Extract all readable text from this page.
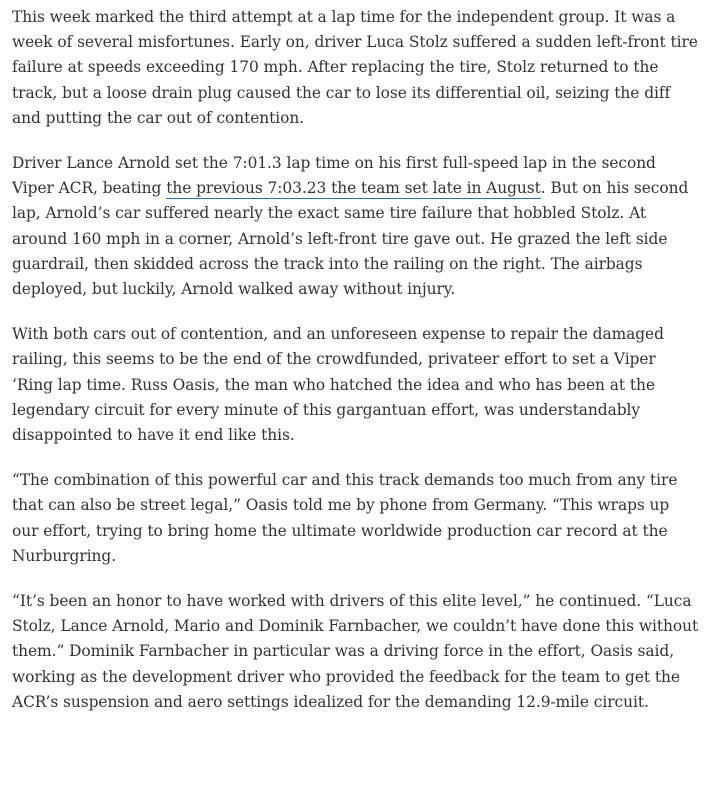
This week marked the third attempt at a lap time for the independent group. It was a week of several misfortunes. Early on, driver Luca Stolz suffered a sudden left-front tire failure at speeds exceeding 170 mph. After replacing the tire, Stolz returned to the track, but a loose drain plug caused the car to lose its differential oil, seizing the diff and putting the car out of contention.

Driver Lance Arnold set the 7:01.3 lap time on his first full-speed lap in the second Viper ACR, beating the previous 7:03.23 the team set late in August. But on his second lap, Arnold’s car suffered nearly the exact same tire failure that hobbled Stolz. At around 160 mph in a corner, Arnold’s left-front tire gave out. He grazed the left side guardrail, then skidded across the track into the railing on the right. The airbags deployed, but luckily, Arnold walked away without injury.

With both cars out of contention, and an unforeseen expense to repair the damaged railing, this seems to be the end of the crowdfunded, privateer effort to set a Viper ‘Ring lap time. Russ Oasis, the man who hatched the idea and who has been at the legendary circuit for every minute of this gargantuan effort, was understandably disappointed to have it end like this.

“The combination of this powerful car and this track demands too much from any tire that can also be street legal,” Oasis told me by phone from Germany. “This wraps up our effort, trying to bring home the ultimate worldwide production car record at the Nurburgring.

“It’s been an honor to have worked with drivers of this elite level,” he continued. “Luca Stolz, Lance Arnold, Mario and Dominik Farnbacher, we couldn’t have done this without them.” Dominik Farnbacher in particular was a driving force in the effort, Oasis said, working as the development driver who provided the feedback for the team to get the ACR’s suspension and aero settings idealized for the demanding 12.9-mile circuit.
